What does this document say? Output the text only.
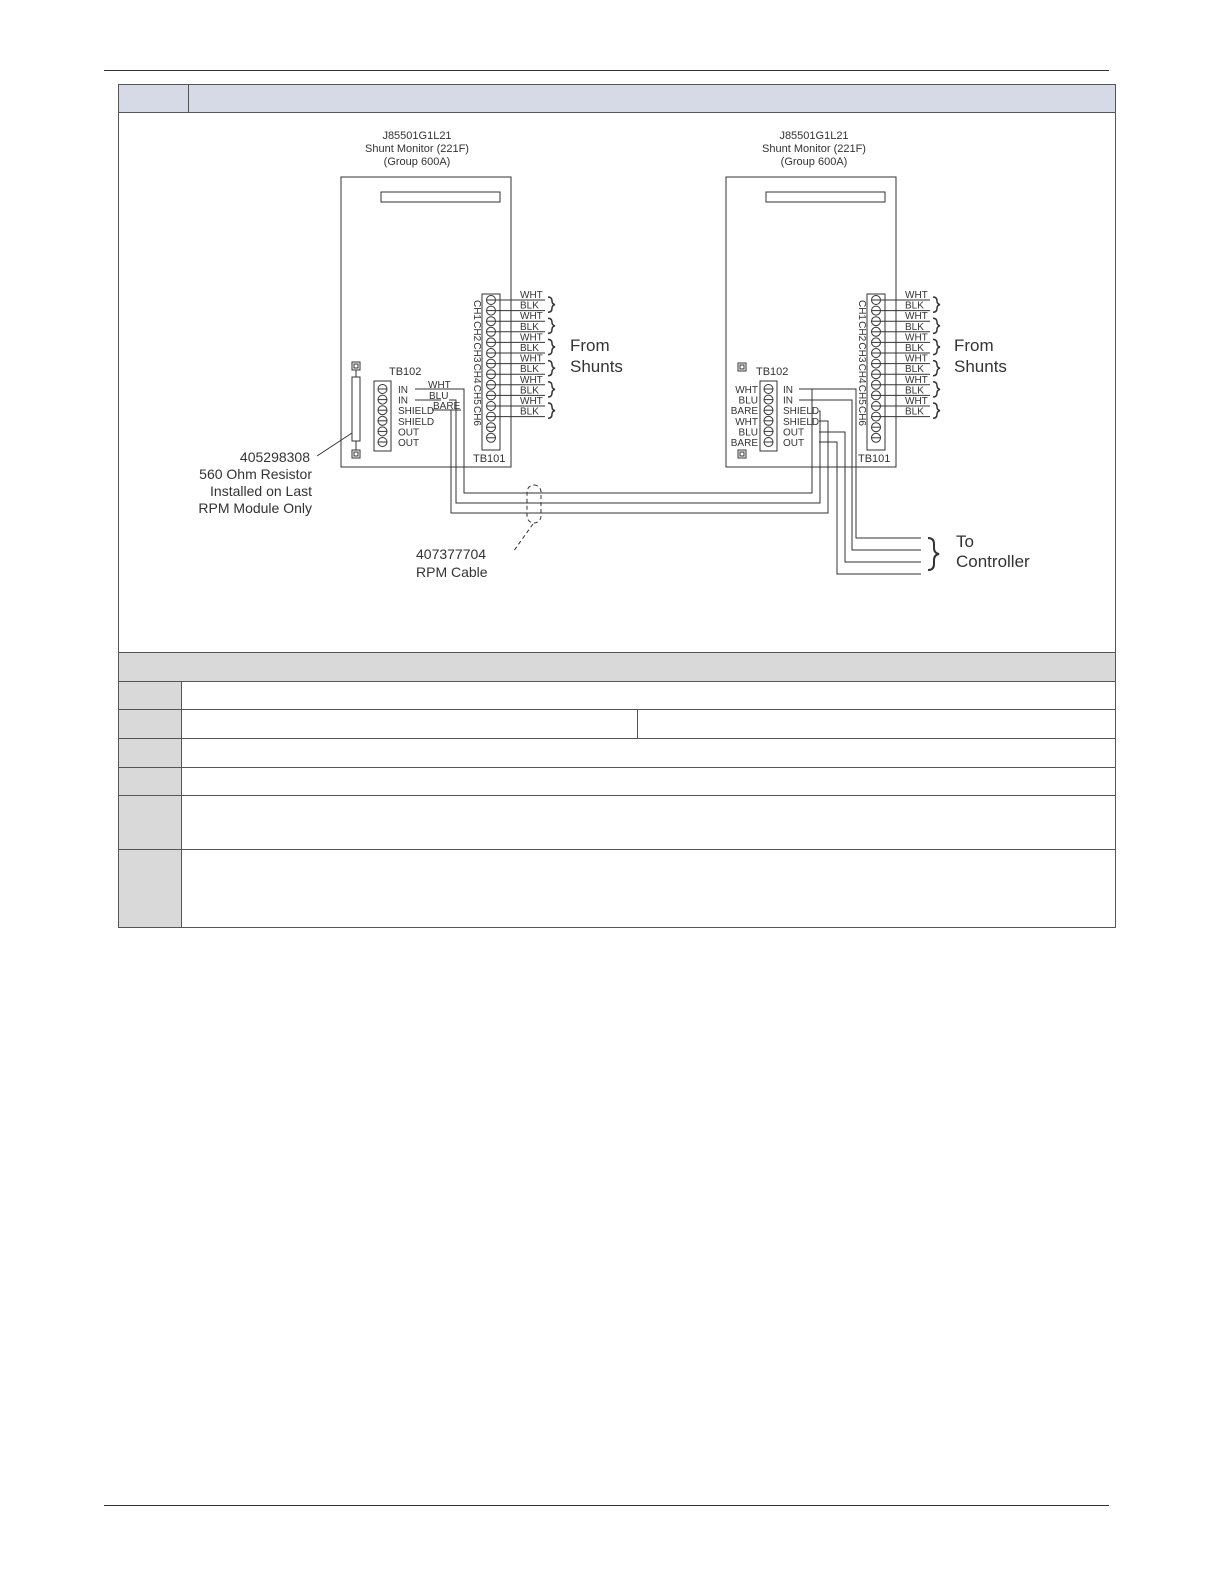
J85501G1L21
Shunt Monitor (221F)
(Group 600A)
CH1
CH2
CH3
CH4
CH5
CH6
WHT
BLK
WHT
BLK
WHT
BLK
WHT
BLK
WHT
BLK
WHT
BLK
TB101
From
Shunts
TB102
IN
IN
SHIELD
SHIELD
OUT
OUT
WHT
BLU
BARE
405298308
560 Ohm Resistor
Installed on Last
RPM Module Only
J85501G1L21
Shunt Monitor (221F)
(Group 600A)
CH1
CH2
CH3
CH4
CH5
CH6
WHT
BLK
WHT
BLK
WHT
BLK
WHT
BLK
WHT
BLK
WHT
BLK
TB101
From
Shunts
TB102
IN
IN
SHIELD
SHIELD
OUT
OUT
WHT
BLU
BARE
WHT
BLU
BARE
407377704
RPM Cable
To
Controller
